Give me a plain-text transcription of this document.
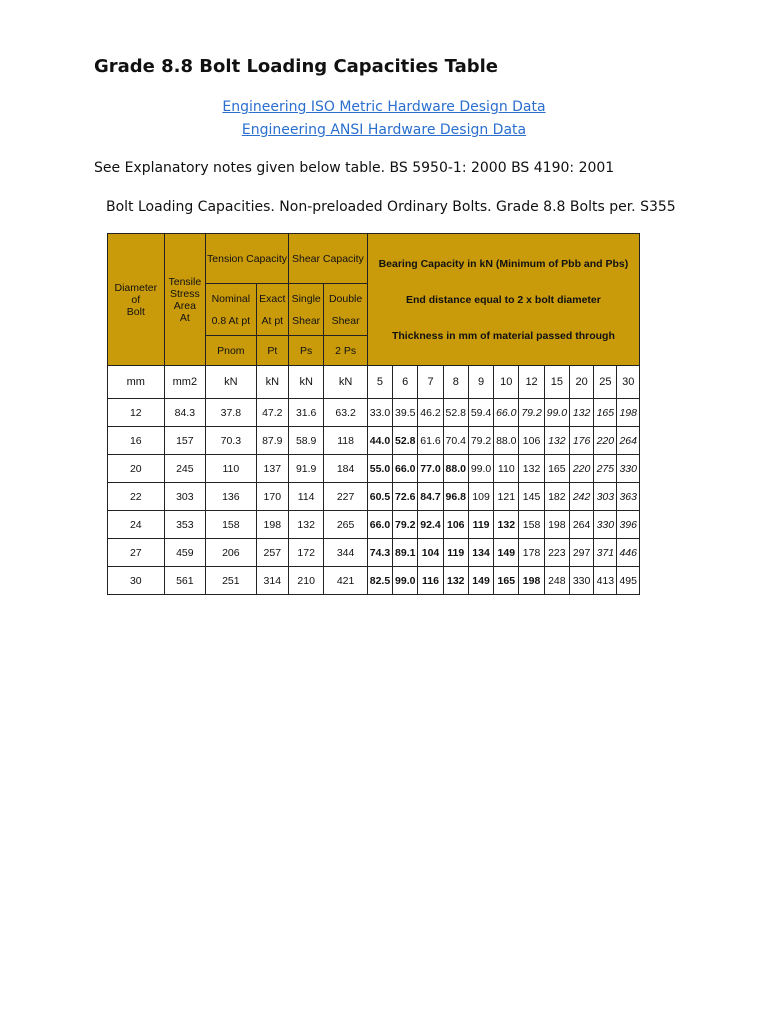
Grade 8.8 Bolt Loading Capacities Table
Engineering ISO Metric Hardware Design Data
Engineering ANSI Hardware Design Data
See Explanatory notes given below table. BS 5950-1: 2000 BS 4190: 2001
Bolt Loading Capacities. Non-preloaded Ordinary Bolts. Grade 8.8 Bolts per. S355
Diameter
of
Bolt	Tensile
Stress
Area
At	Tension Capacity		Shear Capacity		Bearing Capacity in kN (Minimum of Pbb and Pbs)
End distance equal to 2 x bolt diameter
Thickness in mm of material passed through										

		Nominal 0.8 At pt	Exact At pt	Single Shear	Double Shear											
		Pnom	Pt	Ps	2 Ps											
mm	mm2	kN	kN	kN	kN	5	6	7	8	9	10	12	15	20	25	30
12	84.3	37.8	47.2	31.6	63.2	33.0	39.5	46.2	52.8	59.4	66.0	79.2	99.0	132	165	198
16	157	70.3	87.9	58.9	118	44.0	52.8	61.6	70.4	79.2	88.0	106	132	176	220	264
20	245	110	137	91.9	184	55.0	66.0	77.0	88.0	99.0	110	132	165	220	275	330
22	303	136	170	114	227	60.5	72.6	84.7	96.8	109	121	145	182	242	303	363
24	353	158	198	132	265	66.0	79.2	92.4	106	119	132	158	198	264	330	396
27	459	206	257	172	344	74.3	89.1	104	119	134	149	178	223	297	371	446
30	561	251	314	210	421	82.5	99.0	116	132	149	165	198	248	330	413	495
